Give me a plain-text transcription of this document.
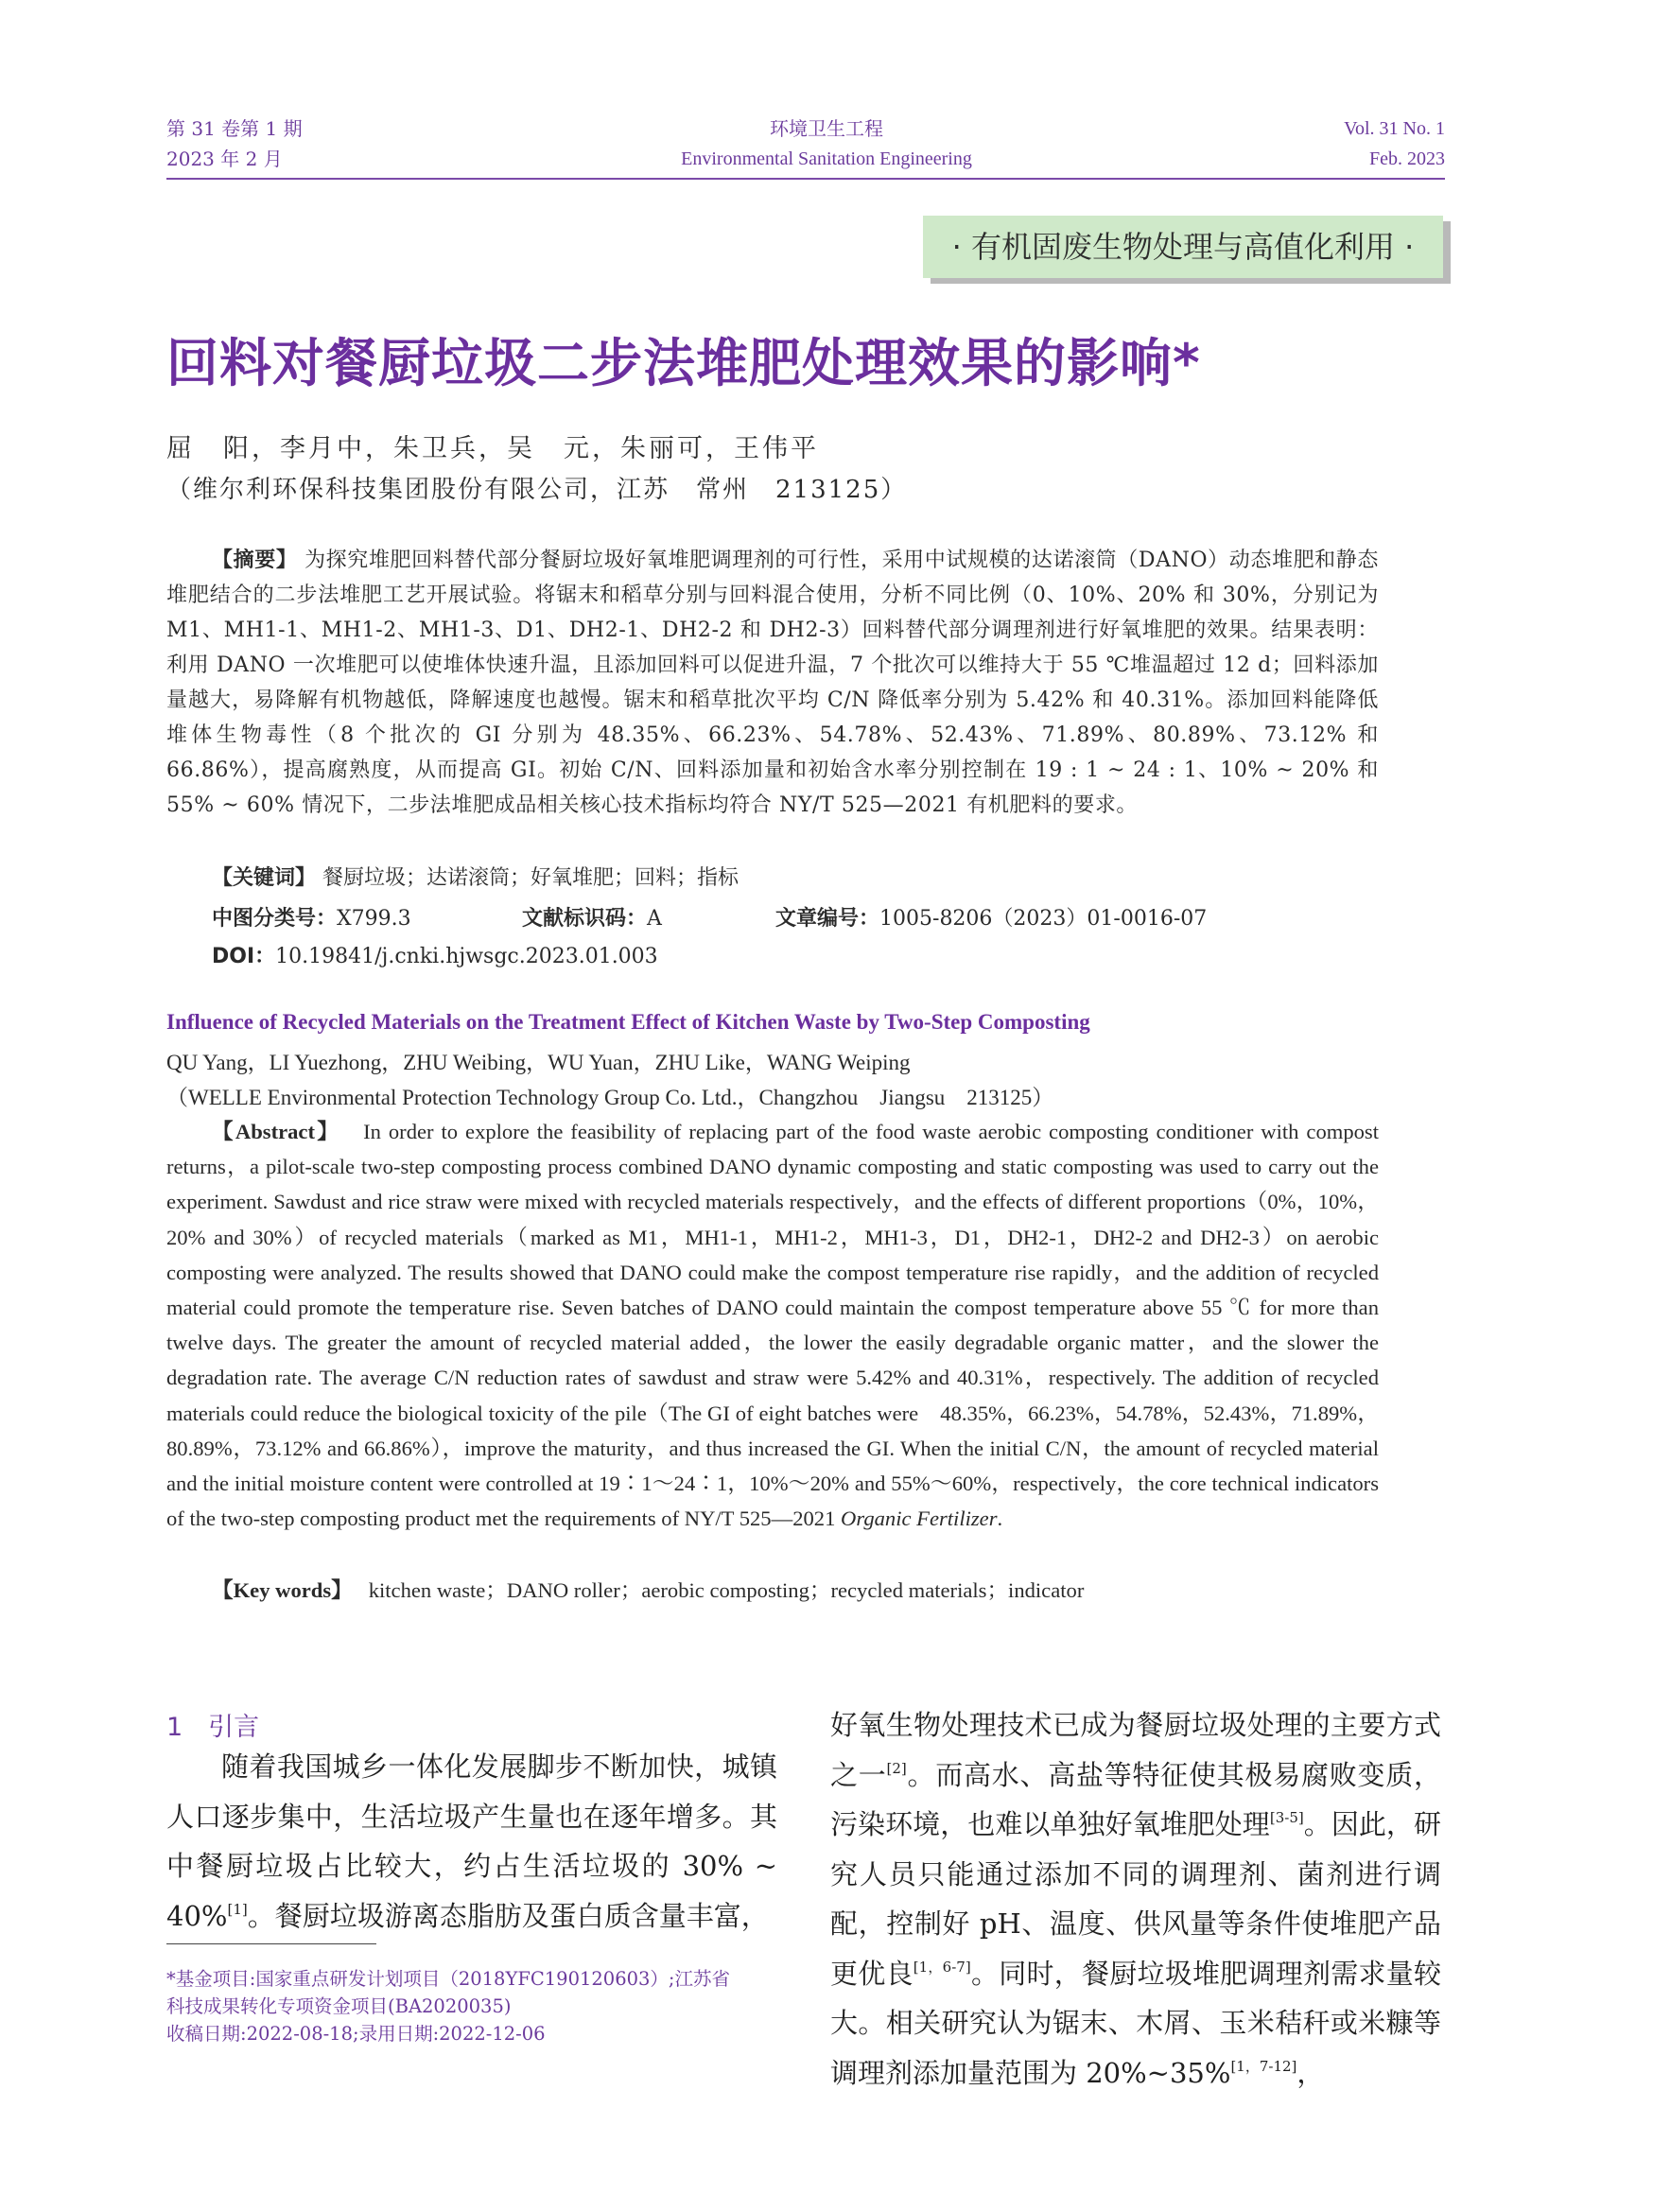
第 31 卷第 1 期
2023 年 2 月
环境卫生工程
Environmental Sanitation Engineering
Vol. 31 No. 1
Feb. 2023
· 有机固废生物处理与高值化利用 ·
回料对餐厨垃圾二步法堆肥处理效果的影响*
屈　阳，李月中，朱卫兵，吴　元，朱丽可，王伟平
（维尔利环保科技集团股份有限公司，江苏　常州　213125）
【摘要】 为探究堆肥回料替代部分餐厨垃圾好氧堆肥调理剂的可行性，采用中试规模的达诺滚筒（DANO）动态堆肥和静态堆肥结合的二步法堆肥工艺开展试验。将锯末和稻草分别与回料混合使用，分析不同比例（0、10%、20% 和 30%，分别记为 M1、MH1-1、MH1-2、MH1-3、D1、DH2-1、DH2-2 和 DH2-3）回料替代部分调理剂进行好氧堆肥的效果。结果表明：利用 DANO 一次堆肥可以使堆体快速升温，且添加回料可以促进升温，7 个批次可以维持大于 55 ℃堆温超过 12 d；回料添加量越大，易降解有机物越低，降解速度也越慢。锯末和稻草批次平均 C/N 降低率分别为 5.42% 和 40.31%。添加回料能降低堆体生物毒性（8 个批次的 GI 分别为 48.35%、66.23%、54.78%、52.43%、71.89%、80.89%、73.12% 和 66.86%），提高腐熟度，从而提高 GI。初始 C/N、回料添加量和初始含水率分别控制在 19 : 1 ~ 24 : 1、10% ~ 20% 和 55% ~ 60% 情况下，二步法堆肥成品相关核心技术指标均符合 NY/T 525—2021 有机肥料的要求。
【关键词】 餐厨垃圾；达诺滚筒；好氧堆肥；回料；指标
中图分类号：X799.3	文献标识码：A	文章编号：1005-8206（2023）01-0016-07
DOI：10.19841/j.cnki.hjwsgc.2023.01.003
Influence of Recycled Materials on the Treatment Effect of Kitchen Waste by Two-Step Composting
QU Yang，LI Yuezhong，ZHU Weibing，WU Yuan，ZHU Like，WANG Weiping
（WELLE Environmental Protection Technology Group Co. Ltd.，Changzhou　Jiangsu　213125）
【Abstract】 In order to explore the feasibility of replacing part of the food waste aerobic composting conditioner with compost returns，a pilot-scale two-step composting process combined DANO dynamic composting and static composting was used to carry out the experiment. Sawdust and rice straw were mixed with recycled materials respectively，and the effects of different proportions（0%，10%，20% and 30%）of recycled materials（marked as M1，MH1-1，MH1-2，MH1-3，D1，DH2-1，DH2-2 and DH2-3）on aerobic composting were analyzed. The results showed that DANO could make the compost temperature rise rapidly，and the addition of recycled material could promote the temperature rise. Seven batches of DANO could maintain the compost temperature above 55 ℃ for more than twelve days. The greater the amount of recycled material added，the lower the easily degradable organic matter，and the slower the degradation rate. The average C/N reduction rates of sawdust and straw were 5.42% and 40.31%，respectively. The addition of recycled materials could reduce the biological toxicity of the pile（The GI of eight batches were　48.35%，66.23%，54.78%，52.43%，71.89%，80.89%，73.12% and 66.86%），improve the maturity，and thus increased the GI. When the initial C/N，the amount of recycled material and the initial moisture content were controlled at 19∶1～24∶1，10%～20% and 55%～60%，respectively，the core technical indicators of the two-step composting product met the requirements of NY/T 525—2021 Organic Fertilizer.
【Key words】 kitchen waste；DANO roller；aerobic composting；recycled materials；indicator
1　引言
随着我国城乡一体化发展脚步不断加快，城镇人口逐步集中，生活垃圾产生量也在逐年增多。其中餐厨垃圾占比较大，约占生活垃圾的 30% ~ 40%[1]。餐厨垃圾游离态脂肪及蛋白质含量丰富，
好氧生物处理技术已成为餐厨垃圾处理的主要方式之一[2]。而高水、高盐等特征使其极易腐败变质，污染环境，也难以单独好氧堆肥处理[3-5]。因此，研究人员只能通过添加不同的调理剂、菌剂进行调配，控制好 pH、温度、供风量等条件使堆肥产品更优良[1，6-7]。同时，餐厨垃圾堆肥调理剂需求量较大。相关研究认为锯末、木屑、玉米秸秆或米糠等调理剂添加量范围为 20%~35%[1，7-12]，
*基金项目:国家重点研发计划项目（2018YFC190120603）;江苏省
科技成果转化专项资金项目(BA2020035)
收稿日期:2022-08-18;录用日期:2022-12-06
